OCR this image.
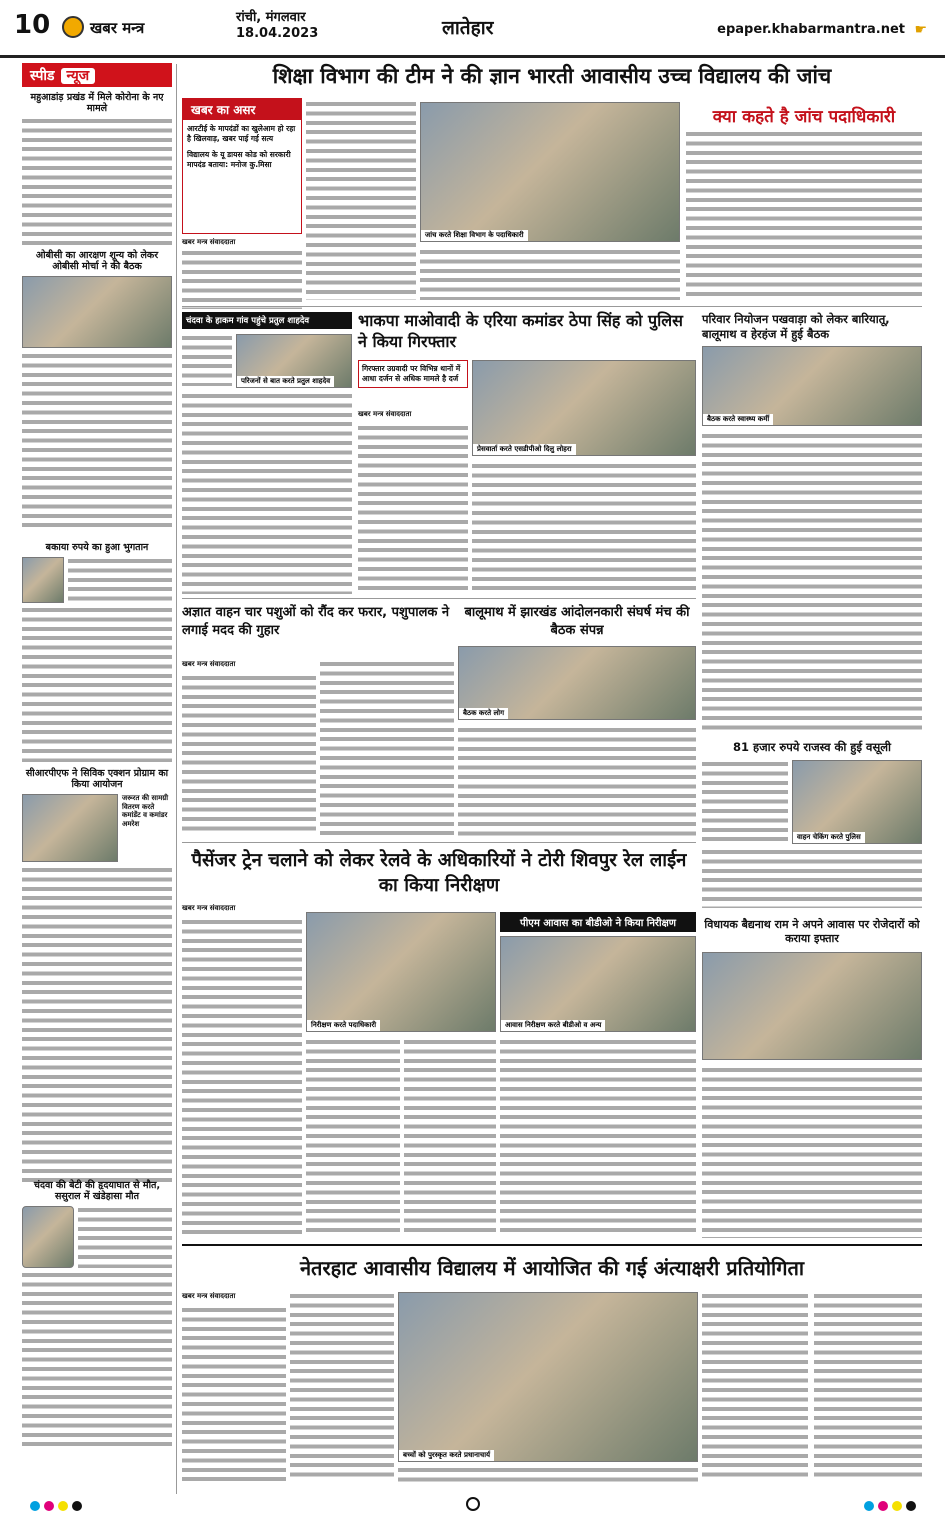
10	खबर मन्त्र
रांची, मंगलवार
18.04.2023	लातेहार	epaper.khabarmantra.net ☛
स्पीड न्यूज
महुआडांड़ प्रखंड में मिले कोरोना के नए मामले
ओबीसी का आरक्षण शून्य को लेकर ओबीसी मोर्चा ने की बैठक
बकाया रुपये का हुआ भुगतान
सीआरपीएफ ने सिविक एक्शन प्रोग्राम का किया आयोजन
जरूरत की सामग्री वितरण करते कमांडेंट व कमांडर अमरेश
चंदवा की बेटी की हृदयाघात से मौत, ससुराल में खंडेहासा मौत
शिक्षा विभाग की टीम ने की ज्ञान भारती आवासीय उच्च विद्यालय की जांच
खबर का असर
आरटीई के मापदंडों का खुलेआम हो रहा है खिलवाड़, खबर पाई गई सत्य
विद्यालय के यू डायस कोड को सरकारी मापदंड बताया: मनोज कु.मिसा
खबर मन्त्र संवाददाता
जांच करते शिक्षा विभाग के पदाधिकारी
क्या कहते है जांच पदाधिकारी
चंदवा के हाकम गांव पहुंचे प्रतुल शाहदेव
परिजनों से बात करते प्रतुल शाहदेव
भाकपा माओवादी के एरिया कमांडर ठेपा सिंह को पुलिस ने किया गिरफ्तार
गिरफ्तार उग्रवादी पर विभिन्न थानों में आधा दर्जन से अधिक मामले है दर्ज
प्रेसवार्ता करते एसडीपीओ दिलु लोहरा
खबर मन्त्र संवाददाता
परिवार नियोजन पखवाड़ा को लेकर बारियातू, बालूमाथ व हेरहंज में हुई बैठक
बैठक करते स्वास्थ्य कर्मी
अज्ञात वाहन चार पशुओं को रौंद कर फरार, पशुपालक ने लगाई मदद की गुहार
खबर मन्त्र संवाददाता
बालूमाथ में झारखंड आंदोलनकारी संघर्ष मंच की बैठक संपन्न
बैठक करते लोग
81 हजार रुपये राजस्व की हुई वसूली
वाहन चेकिंग करते पुलिस
विधायक बैद्यनाथ राम ने अपने आवास पर रोजेदारों को कराया इफ्तार
पैसेंजर ट्रेन चलाने को लेकर रेलवे के अधिकारियों ने टोरी शिवपुर रेल लाईन का किया निरीक्षण
खबर मन्त्र संवाददाता
निरीक्षण करते पदाधिकारी
पीएम आवास का बीडीओ ने किया निरीक्षण
आवास निरीक्षण करते बीडीओ व अन्य
नेतरहाट आवासीय विद्यालय में आयोजित की गई अंत्याक्षरी प्रतियोगिता
खबर मन्त्र संवाददाता
बच्चों को पुरस्कृत करते प्रधानाचार्य
